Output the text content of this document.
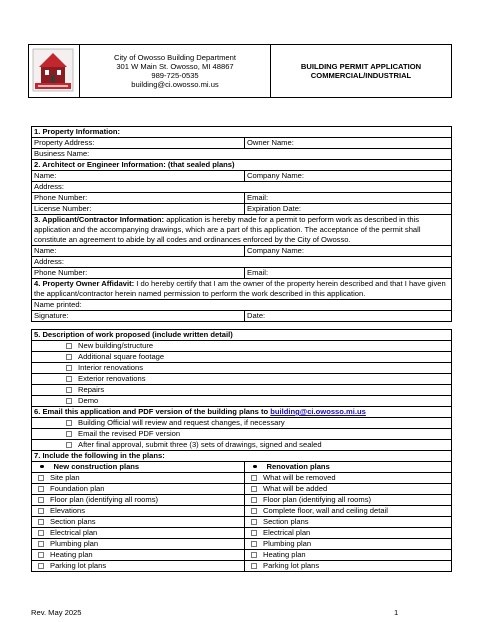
City of Owosso Building Department
301 W Main St. Owosso, MI 48867
989-725-0535
building@ci.owosso.mi.us

BUILDING PERMIT APPLICATION
COMMERCIAL/INDUSTRIAL
1. Property Information:	
Property Address:	Owner Name:
Business Name:	
2. Architect or Engineer Information: (that sealed plans)	
Name:	Company Name:
Address:	
Phone Number:	Email:
License Number:	Expiration Date:
3. Applicant/Contractor Information: application is hereby made for a permit to perform work as described in this application and the accompanying drawings, which are a part of this application. The acceptance of the permit shall constitute an agreement to abide by all codes and ordinances enforced by the City of Owosso.	
Name:	Company Name:
Address:	
Phone Number:	Email:
4. Property Owner Affidavit: I do hereby certify that I am the owner of the property herein described and that I have given the applicant/contractor herein named permission to perform the work described in this application.	
Name printed:	
Signature:	Date:
5. Description of work proposed (include written detail)	
New building/structure	
Additional square footage	
Interior renovations	
Exterior renovations	
Repairs	
Demo	
6. Email this application and PDF version of the building plans to building@ci.owosso.mi.us	
Building Official will review and request changes, if necessary	
Email the revised PDF version	
After final approval, submit three (3) sets of drawings, signed and sealed	
7. Include the following in the plans:	
New construction plans	Renovation plans
Site plan	What will be removed
Foundation plan	What will be added
Floor plan (identifying all rooms)	Floor plan (identifying all rooms)
Elevations	Complete floor, wall and ceiling detail
Section plans	Section plans
Electrical plan	Electrical plan
Plumbing plan	Plumbing plan
Heating plan	Heating plan
Parking lot plans	Parking lot plans
Rev. May 2025	1
